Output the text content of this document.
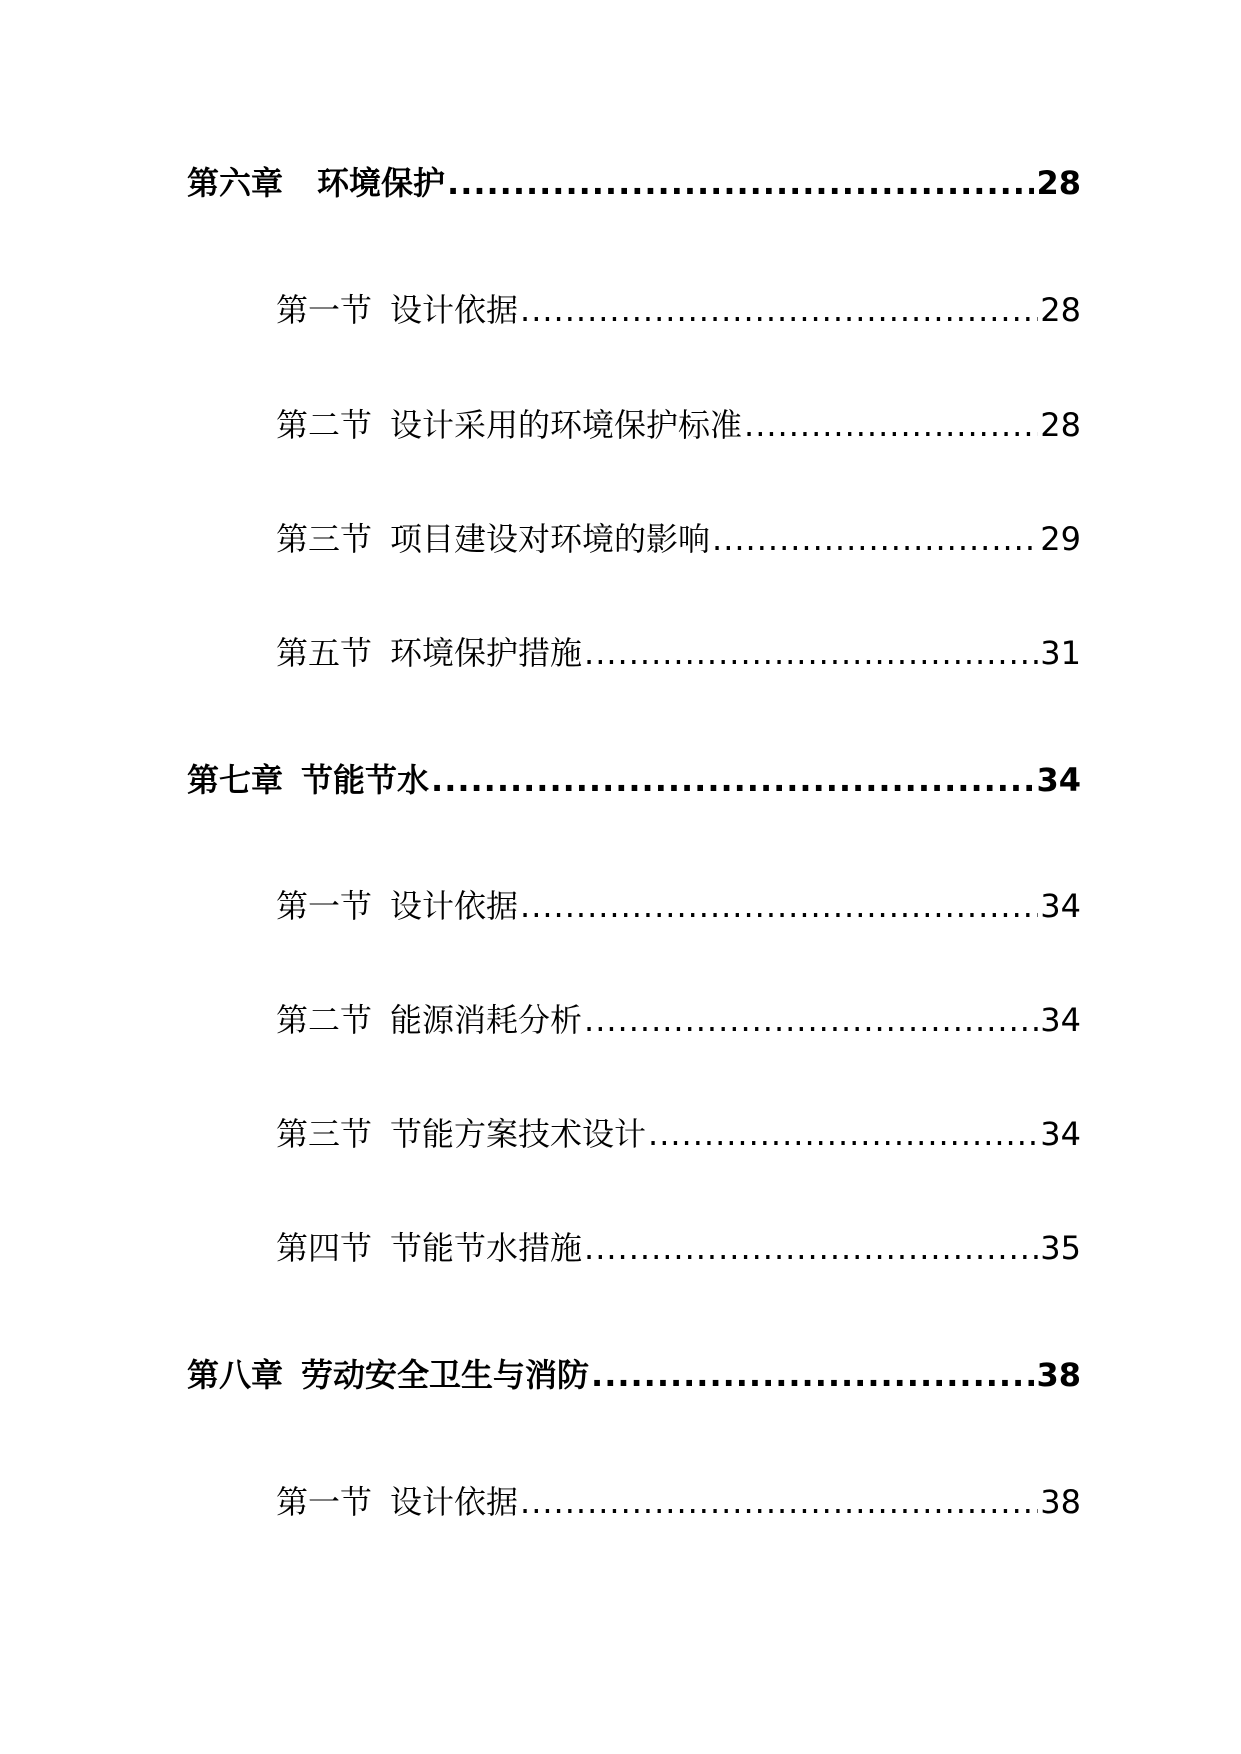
第六章 环境保护 .....	28
第一节 设计依据 .....	28
第二节 设计采用的环境保护标准 .....	28
第三节 项目建设对环境的影响 .....	29
第五节 环境保护措施 .....	31
第七章 节能节水 .....	34
第一节 设计依据 .....	34
第二节 能源消耗分析 .....	34
第三节 节能方案技术设计 .....	34
第四节 节能节水措施 .....	35
第八章 劳动安全卫生与消防 .....	38
第一节 设计依据 .....	38
